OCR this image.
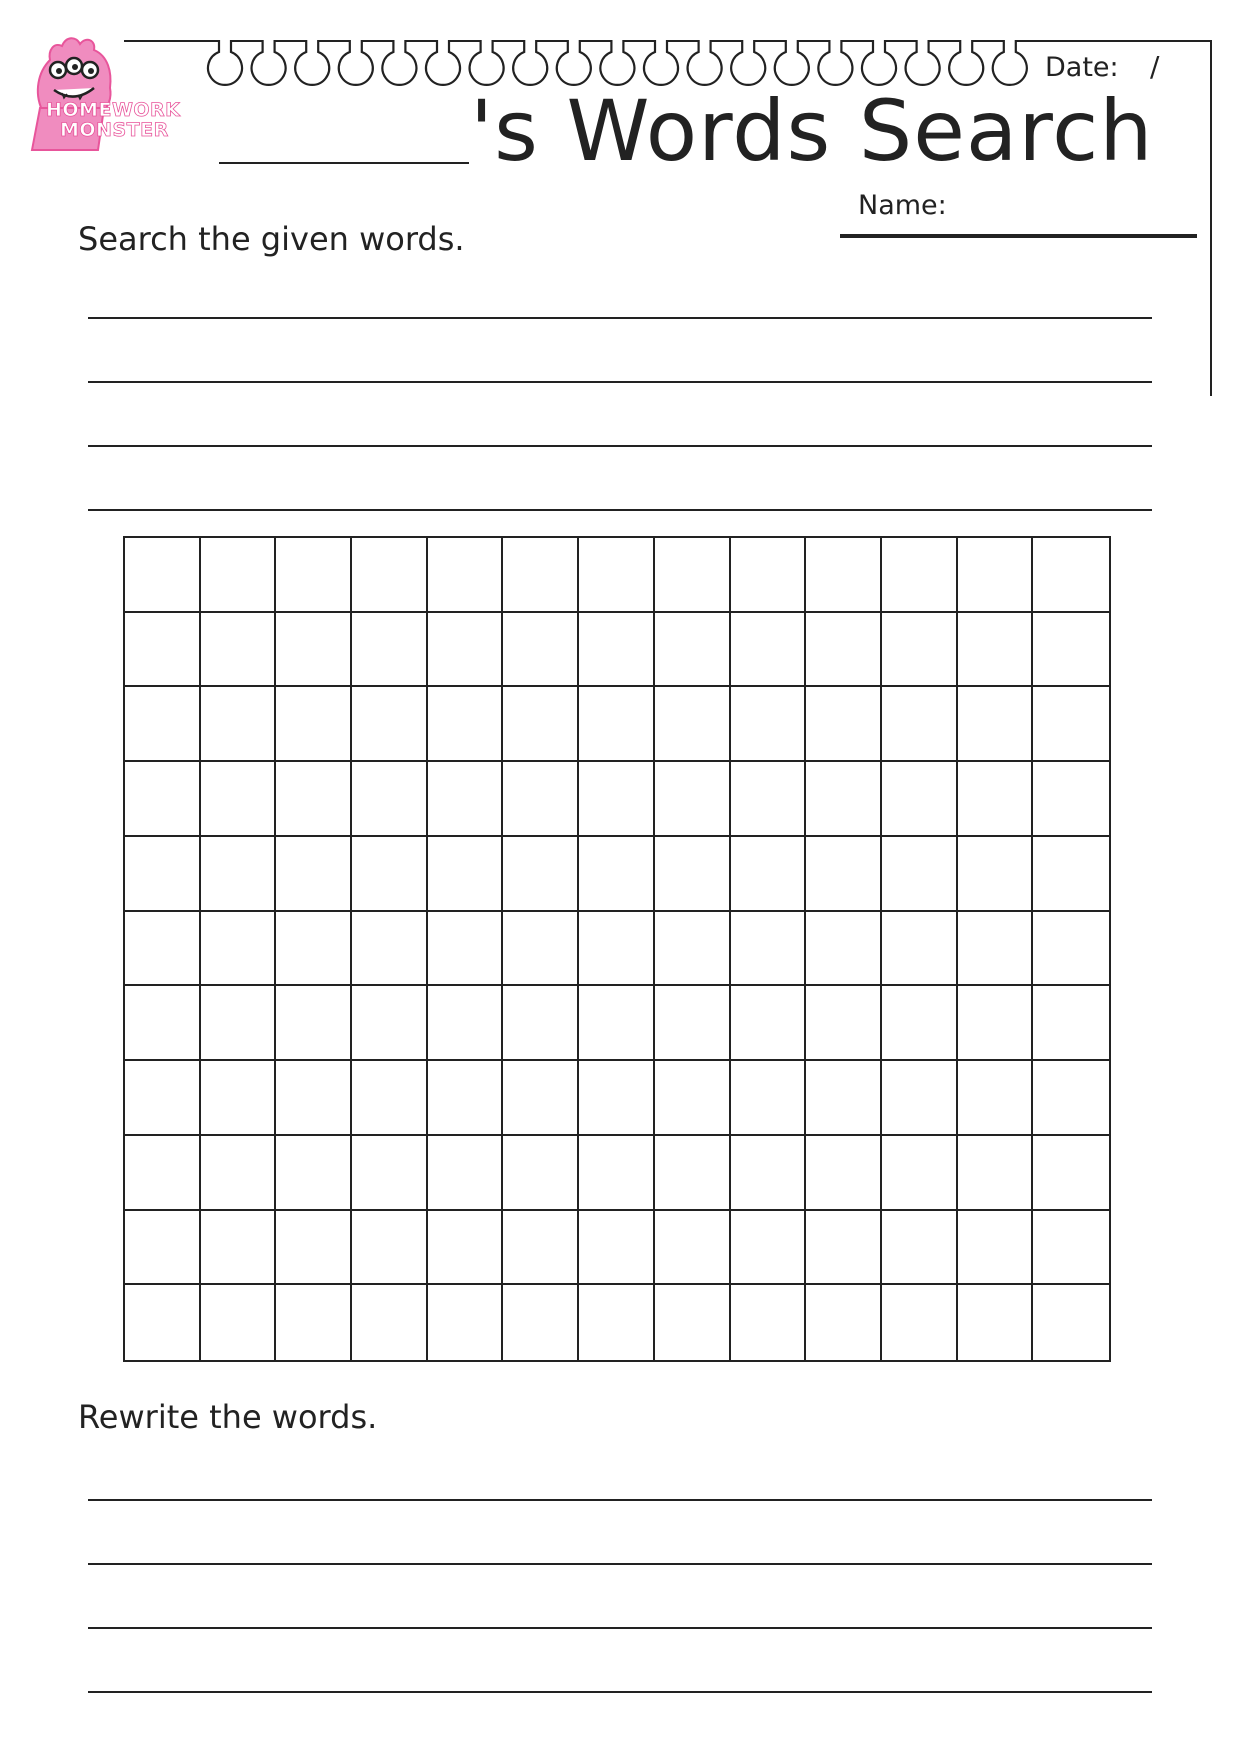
HOMEWORK
MONSTER
Date: /
's Words Search
Name:
Search the given words.
Rewrite the words.
